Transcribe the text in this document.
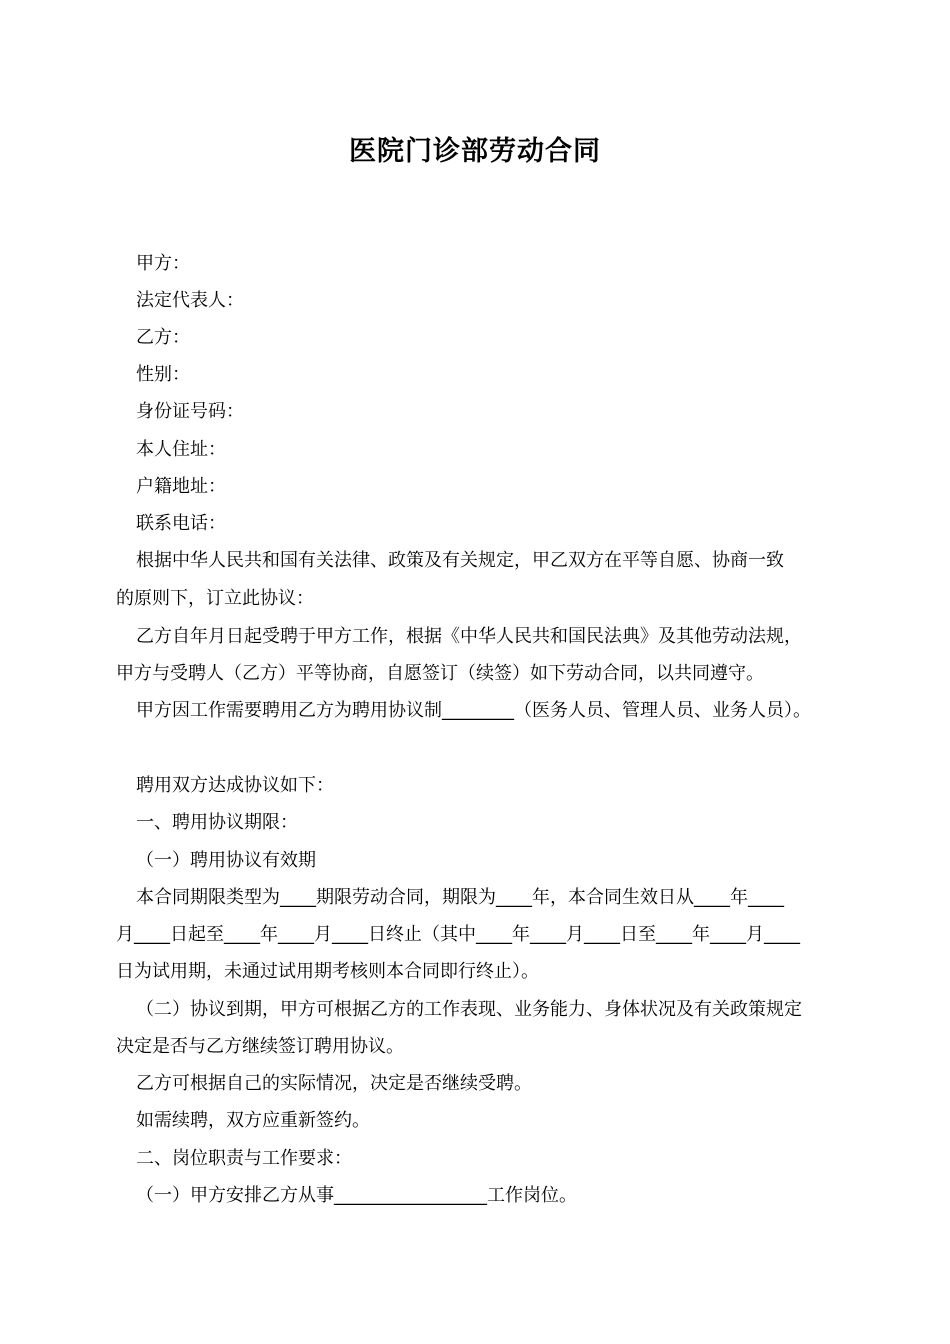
医院门诊部劳动合同
甲方：
法定代表人：
乙方：
性别：
身份证号码：
本人住址：
户籍地址：
联系电话：
根据中华人民共和国有关法律、政策及有关规定，甲乙双方在平等自愿、协商一致
的原则下，订立此协议：
乙方自年月日起受聘于甲方工作，根据《中华人民共和国民法典》及其他劳动法规，
甲方与受聘人（乙方）平等协商，自愿签订（续签）如下劳动合同，以共同遵守。
甲方因工作需要聘用乙方为聘用协议制________（医务人员、管理人员、业务人员）。
聘用双方达成协议如下：
一、聘用协议期限：
（一）聘用协议有效期
本合同期限类型为____期限劳动合同，期限为____年，本合同生效日从____年____
月____日起至____年____月____日终止（其中____年____月____日至____年____月____
日为试用期，未通过试用期考核则本合同即行终止）。
（二）协议到期，甲方可根据乙方的工作表现、业务能力、身体状况及有关政策规定
决定是否与乙方继续签订聘用协议。
乙方可根据自己的实际情况，决定是否继续受聘。
如需续聘，双方应重新签约。
二、岗位职责与工作要求：
（一）甲方安排乙方从事_________________工作岗位。
